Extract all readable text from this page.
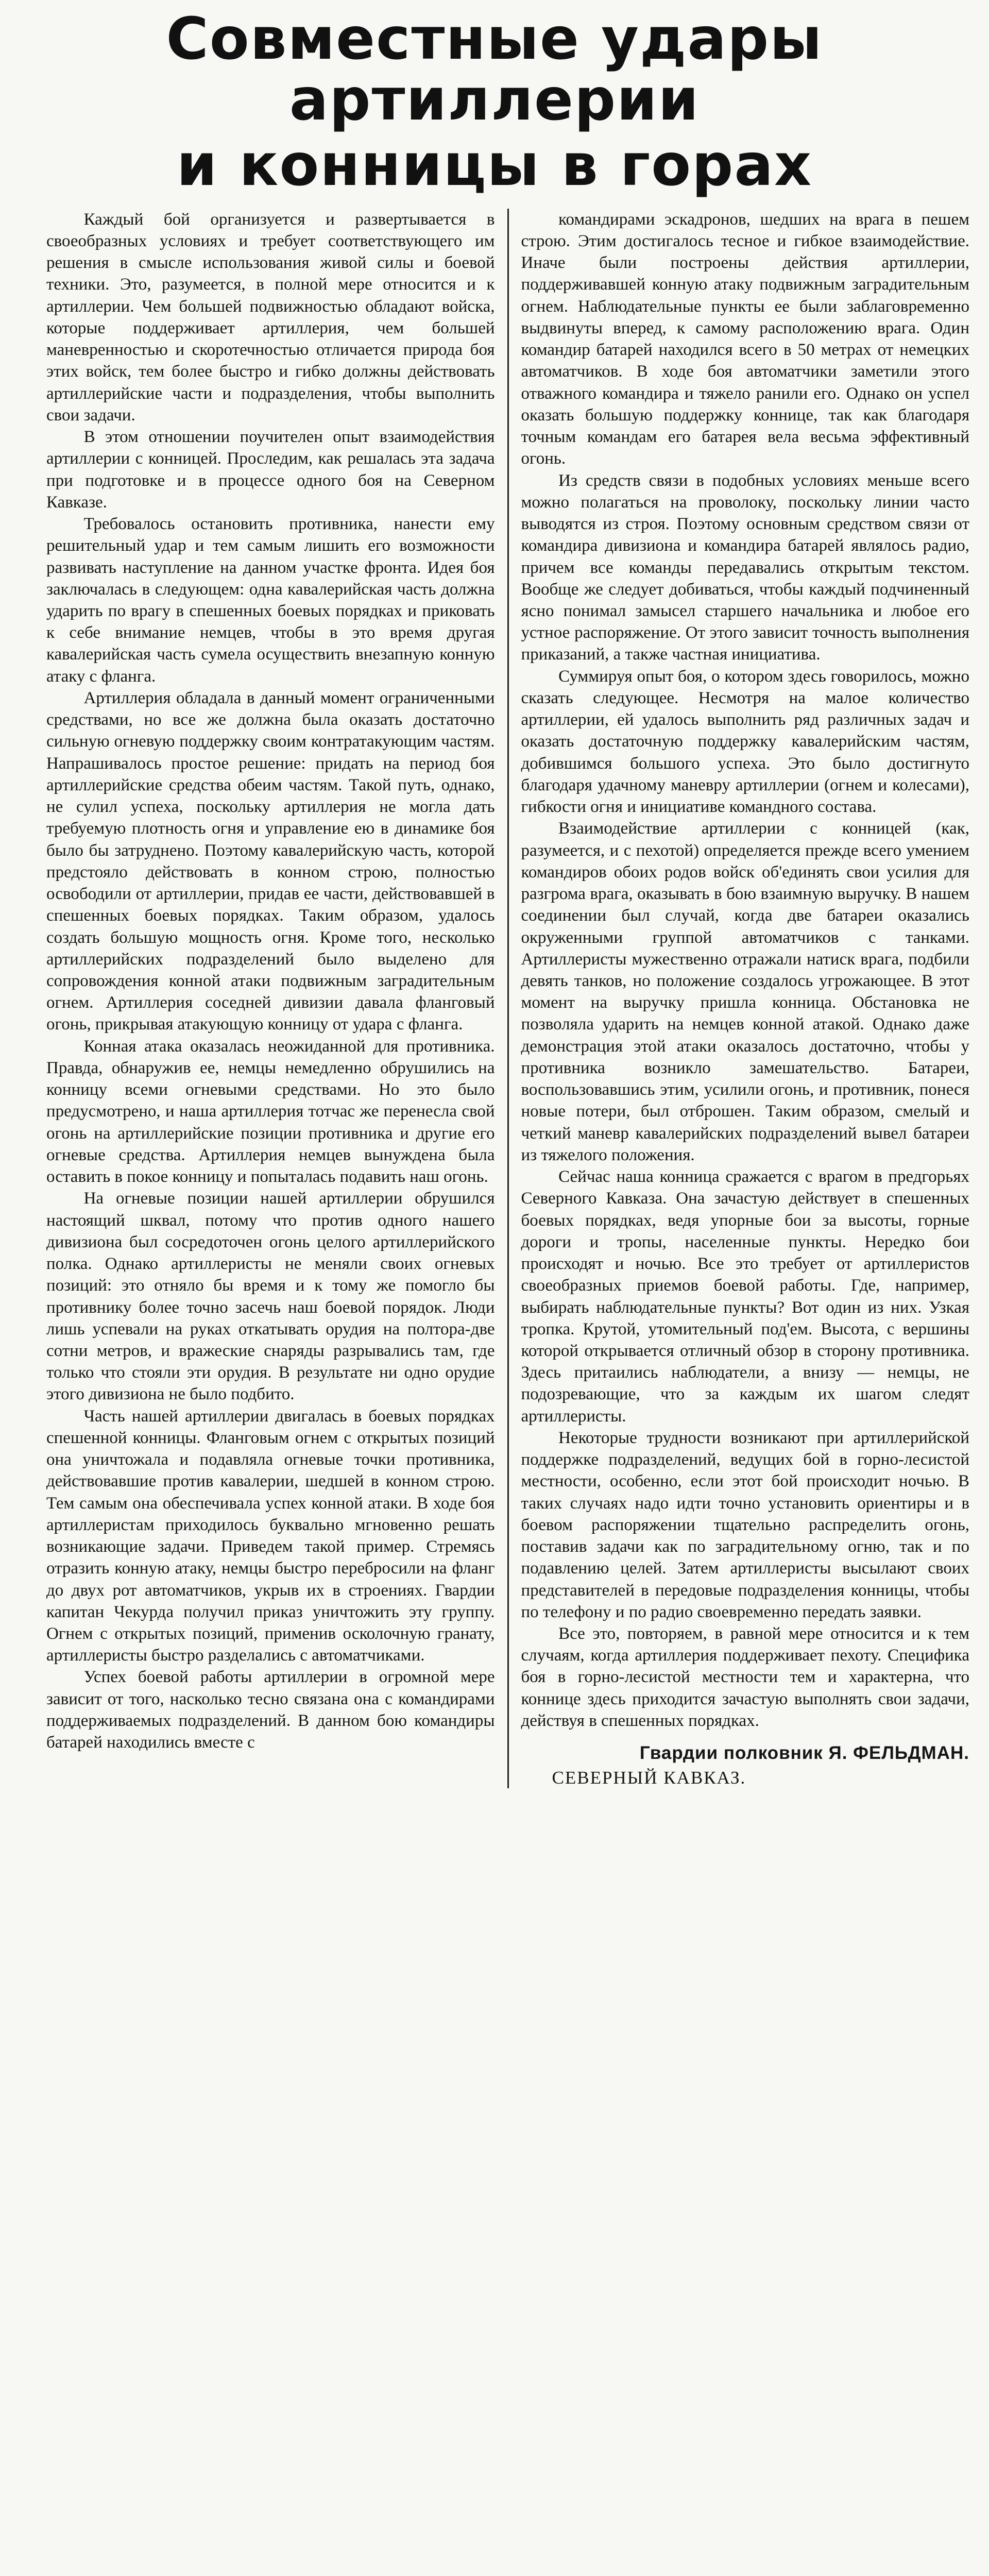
Совместные удары артиллерии
и конницы в горах

Каждый бой организуется и развертывается в своеобразных условиях и требует соответствующего им решения в смысле использования живой силы и боевой техники. Это, разумеется, в полной мере относится и к артиллерии. Чем большей подвижностью обладают войска, которые поддерживает артиллерия, чем большей маневренностью и скоротечностью отличается природа боя этих войск, тем более быстро и гибко должны действовать артиллерийские части и подразделения, чтобы выполнить свои задачи.

В этом отношении поучителен опыт взаимодействия артиллерии с конницей. Проследим, как решалась эта задача при подготовке и в процессе одного боя на Северном Кавказе.

Требовалось остановить противника, нанести ему решительный удар и тем самым лишить его возможности развивать наступление на данном участке фронта. Идея боя заключалась в следующем: одна кавалерийская часть должна ударить по врагу в спешенных боевых порядках и приковать к себе внимание немцев, чтобы в это время другая кавалерийская часть сумела осуществить внезапную конную атаку с фланга.

Артиллерия обладала в данный момент ограниченными средствами, но все же должна была оказать достаточно сильную огневую поддержку своим контратакующим частям. Напрашивалось простое решение: придать на период боя артиллерийские средства обеим частям. Такой путь, однако, не сулил успеха, поскольку артиллерия не могла дать требуемую плотность огня и управление ею в динамике боя было бы затруднено. Поэтому кавалерийскую часть, которой предстояло действовать в конном строю, полностью освободили от артиллерии, придав ее части, действовавшей в спешенных боевых порядках. Таким образом, удалось создать большую мощность огня. Кроме того, несколько артиллерийских подразделений было выделено для сопровождения конной атаки подвижным заградительным огнем. Артиллерия соседней дивизии давала фланговый огонь, прикрывая атакующую конницу от удара с фланга.

Конная атака оказалась неожиданной для противника. Правда, обнаружив ее, немцы немедленно обрушились на конницу всеми огневыми средствами. Но это было предусмотрено, и наша артиллерия тотчас же перенесла свой огонь на артиллерийские позиции противника и другие его огневые средства. Артиллерия немцев вынуждена была оставить в покое конницу и попыталась подавить наш огонь.

На огневые позиции нашей артиллерии обрушился настоящий шквал, потому что против одного нашего дивизиона был сосредоточен огонь целого артиллерийского полка. Однако артиллеристы не меняли своих огневых позиций: это отняло бы время и к тому же помогло бы противнику более точно засечь наш боевой порядок. Люди лишь успевали на руках откатывать орудия на полтора-две сотни метров, и вражеские снаряды разрывались там, где только что стояли эти орудия. В результате ни одно орудие этого дивизиона не было подбито.

Часть нашей артиллерии двигалась в боевых порядках спешенной конницы. Фланговым огнем с открытых позиций она уничтожала и подавляла огневые точки противника, действовавшие против кавалерии, шедшей в конном строю. Тем самым она обеспечивала успех конной атаки. В ходе боя артиллеристам приходилось буквально мгновенно решать возникающие задачи. Приведем такой пример. Стремясь отразить конную атаку, немцы быстро перебросили на фланг до двух рот автоматчиков, укрыв их в строениях. Гвардии капитан Чекурда получил приказ уничтожить эту группу. Огнем с открытых позиций, применив осколочную гранату, артиллеристы быстро разделались с автоматчиками.

Успех боевой работы артиллерии в огромной мере зависит от того, насколько тесно связана она с командирами поддерживаемых подразделений. В данном бою командиры батарей находились вместе с

командирами эскадронов, шедших на врага в пешем строю. Этим достигалось тесное и гибкое взаимодействие. Иначе были построены действия артиллерии, поддерживавшей конную атаку подвижным заградительным огнем. Наблюдательные пункты ее были заблаговременно выдвинуты вперед, к самому расположению врага. Один командир батарей находился всего в 50 метрах от немецких автоматчиков. В ходе боя автоматчики заметили этого отважного командира и тяжело ранили его. Однако он успел оказать большую поддержку коннице, так как благодаря точным командам его батарея вела весьма эффективный огонь.

Из средств связи в подобных условиях меньше всего можно полагаться на проволоку, поскольку линии часто выводятся из строя. Поэтому основным средством связи от командира дивизиона и командира батарей являлось радио, причем все команды передавались открытым текстом. Вообще же следует добиваться, чтобы каждый подчиненный ясно понимал замысел старшего начальника и любое его устное распоряжение. От этого зависит точность выполнения приказаний, а также частная инициатива.

Суммируя опыт боя, о котором здесь говорилось, можно сказать следующее. Несмотря на малое количество артиллерии, ей удалось выполнить ряд различных задач и оказать достаточную поддержку кавалерийским частям, добившимся большого успеха. Это было достигнуто благодаря удачному маневру артиллерии (огнем и колесами), гибкости огня и инициативе командного состава.

Взаимодействие артиллерии с конницей (как, разумеется, и с пехотой) определяется прежде всего умением командиров обоих родов войск об'единять свои усилия для разгрома врага, оказывать в бою взаимную выручку. В нашем соединении был случай, когда две батареи оказались окруженными группой автоматчиков с танками. Артиллеристы мужественно отражали натиск врага, подбили девять танков, но положение создалось угрожающее. В этот момент на выручку пришла конница. Обстановка не позволяла ударить на немцев конной атакой. Однако даже демонстрация этой атаки оказалось достаточно, чтобы у противника возникло замешательство. Батареи, воспользовавшись этим, усилили огонь, и противник, понеся новые потери, был отброшен. Таким образом, смелый и четкий маневр кавалерийских подразделений вывел батареи из тяжелого положения.

Сейчас наша конница сражается с врагом в предгорьях Северного Кавказа. Она зачастую действует в спешенных боевых порядках, ведя упорные бои за высоты, горные дороги и тропы, населенные пункты. Нередко бои происходят и ночью. Все это требует от артиллеристов своеобразных приемов боевой работы. Где, например, выбирать наблюдательные пункты? Вот один из них. Узкая тропка. Крутой, утомительный под'ем. Высота, с вершины которой открывается отличный обзор в сторону противника. Здесь притаились наблюдатели, а внизу — немцы, не подозревающие, что за каждым их шагом следят артиллеристы.

Некоторые трудности возникают при артиллерийской поддержке подразделений, ведущих бой в горно-лесистой местности, особенно, если этот бой происходит ночью. В таких случаях надо идти точно установить ориентиры и в боевом распоряжении тщательно распределить огонь, поставив задачи как по заградительному огню, так и по подавлению целей. Затем артиллеристы высылают своих представителей в передовые подразделения конницы, чтобы по телефону и по радио своевременно передать заявки.

Все это, повторяем, в равной мере относится и к тем случаям, когда артиллерия поддерживает пехоту. Специфика боя в горно-лесистой местности тем и характерна, что коннице здесь приходится зачастую выполнять свои задачи, действуя в спешенных порядках.

Гвардии полковник Я. ФЕЛЬДМАН.
СЕВЕРНЫЙ КАВКАЗ.
